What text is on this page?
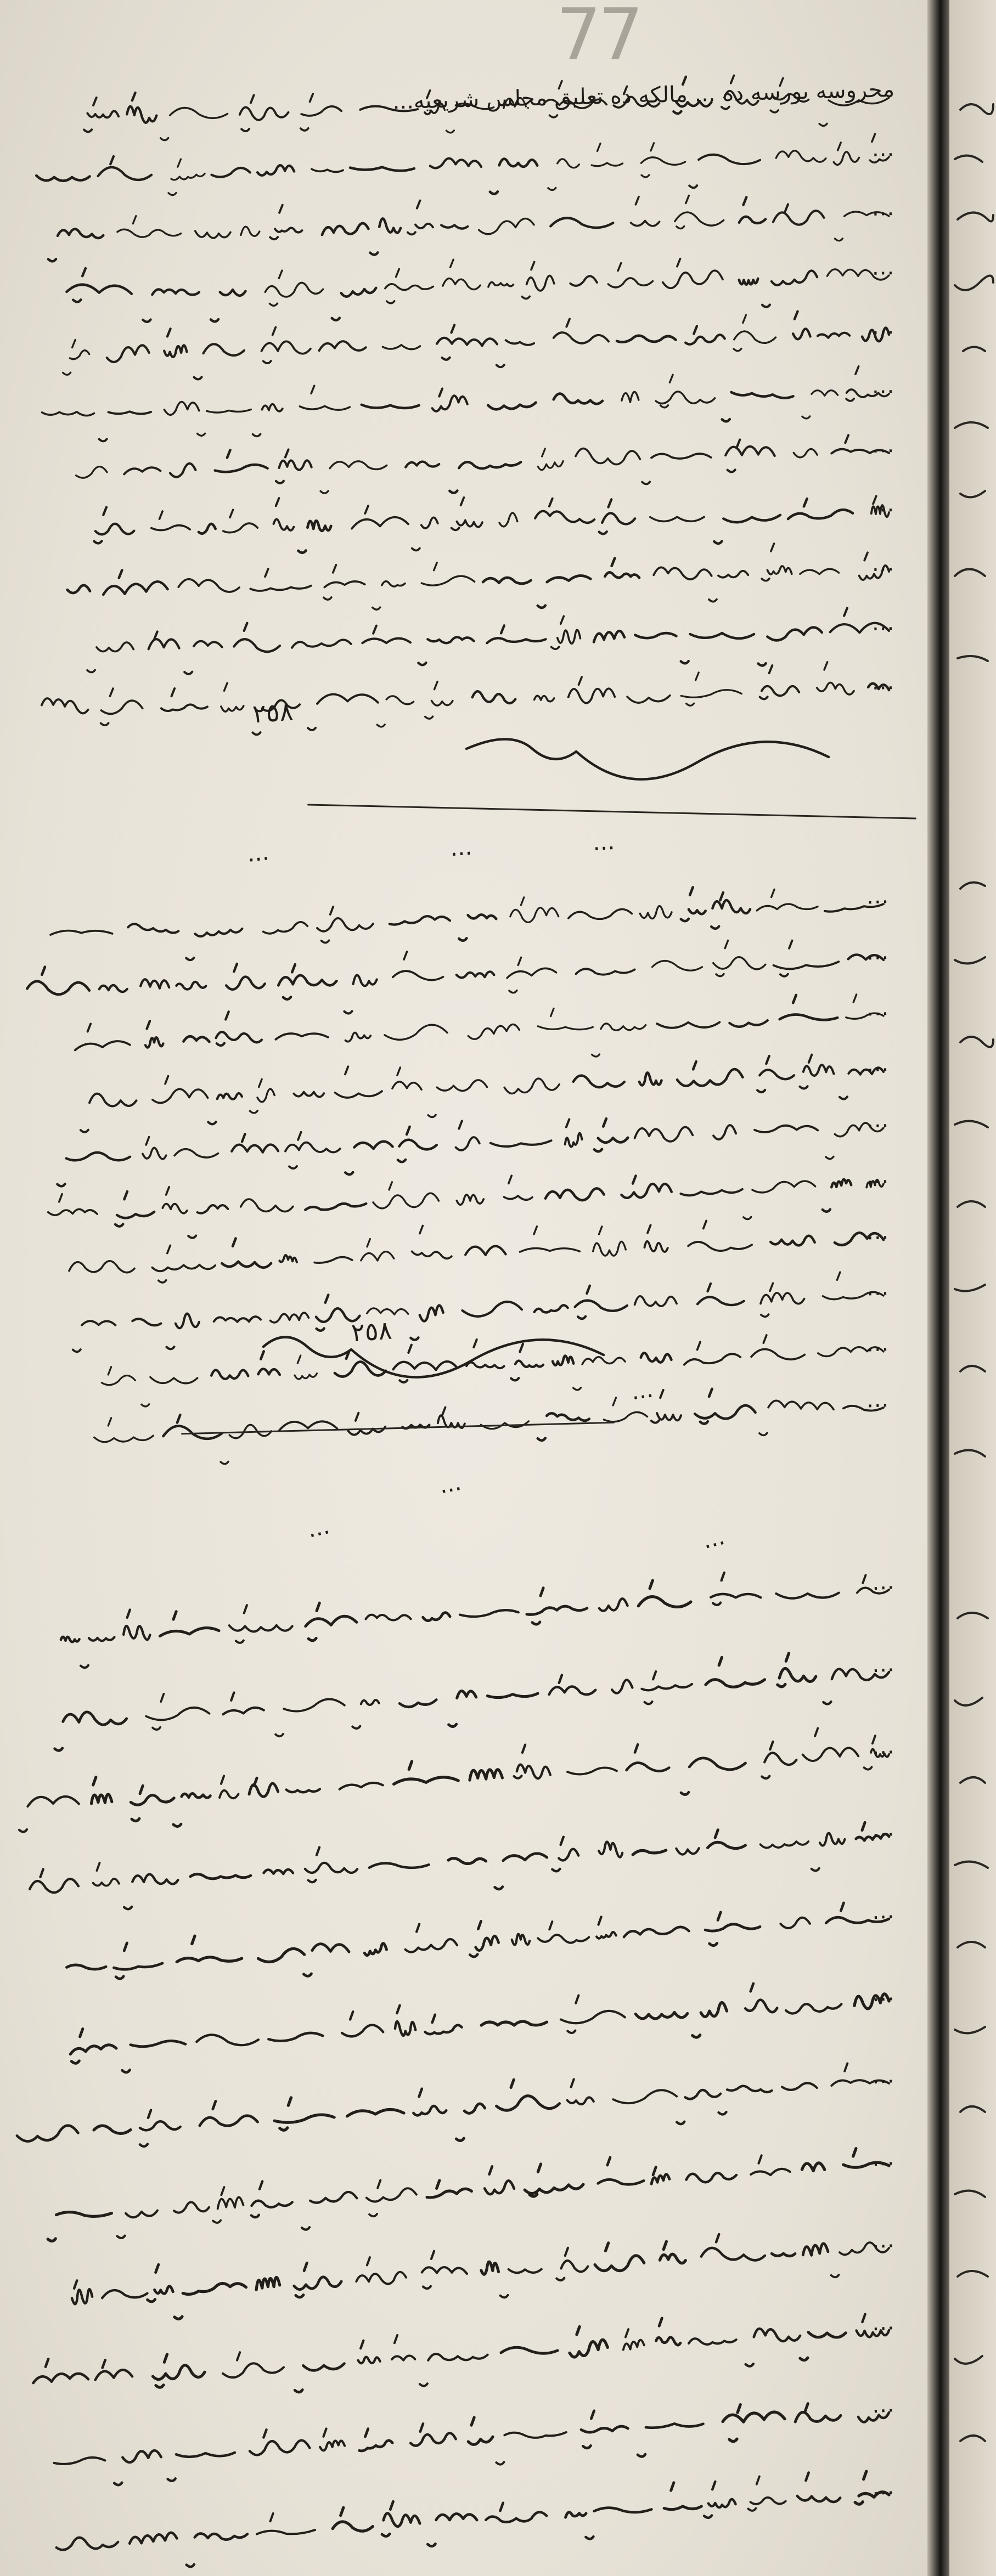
77
٢٥٨
٢٥٨
...
...
...
...
...
...	...
محروسه بورسه ده ... مالکه ده تعلیق مجلس شریعیه...
...
...
...
...
...
...
...
...
...
...
...
...
...
...
...
...
...
...
...
...
...
...
...
...
...
...
...
...
...
...
...
...
